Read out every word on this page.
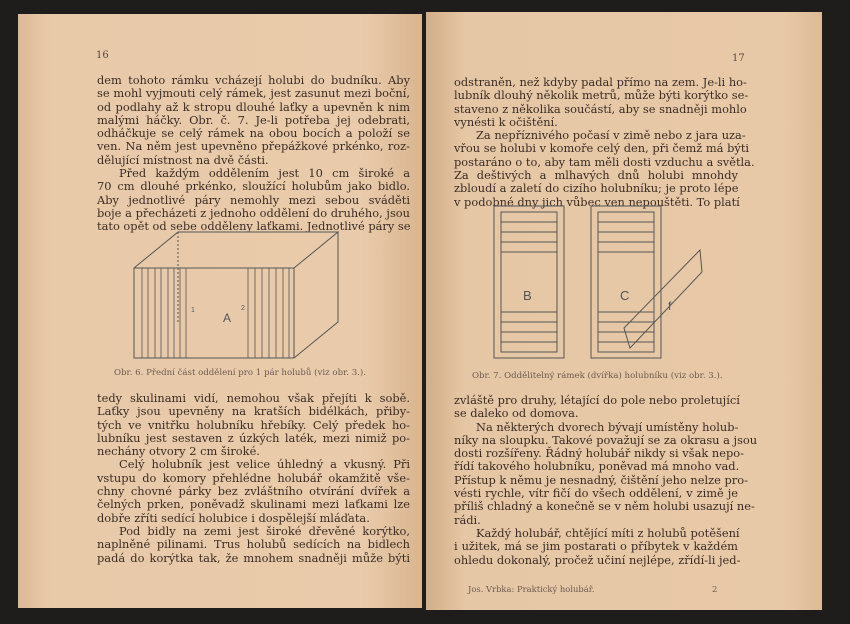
16
dem tohoto rámku vcházejí holubi do budníku. Aby
se mohl vyjmouti celý rámek, jest zasunut mezi boční,
od podlahy až k stropu dlouhé laťky a upevněn k nim
malými háčky. Obr. č. 7. Je-li potřeba jej odebrati,
odháčkuje se celý rámek na obou bocích a položí se
ven. Na něm jest upevněno přepážkové prkénko, roz-
dělující místnost na dvě části.
Před každým oddělením jest 10 cm široké a
70 cm dlouhé prkénko, sloužící holubům jako bidlo.
Aby jednotlivé páry nemohly mezi sebou sváděti
boje a přecházeti z jednoho oddělení do druhého, jsou
tato opět od sebe odděleny laťkami. Jednotlivé páry se
A
1	2
Obr. 6. Přední část oddělení pro 1 pár holubů (viz obr. 3.).
tedy skulinami vidí, nemohou však přejíti k sobě.
Laťky jsou upevněny na kratších bidélkách, přiby-
tých ve vnitřku holubníku hřebíky. Celý předek ho-
lubníku jest sestaven z úzkých laték, mezi nimiž po-
nechány otvory 2 cm široké.
Celý holubník jest velice úhledný a vkusný. Při
vstupu do komory přehlédne holubář okamžitě vše-
chny chovné párky bez zvláštního otvírání dvířek a
čelných prken, poněvadž skulinami mezi laťkami lze
dobře zříti sedící holubice i dospělejší mláďata.
Pod bidly na zemi jest široké dřevěné korýtko,
naplněné pilinami. Trus holubů sedících na bidlech
padá do korýtka tak, že mnohem snadněji může býti
17
odstraněn, než kdyby padal přímo na zem. Je-li ho-
lubník dlouhý několik metrů, může býti korýtko se-
staveno z několika součástí, aby se snadněji mohlo
vynésti k očištění.
Za nepříznivého počasí v zimě nebo z jara uza-
vřou se holubi v komoře celý den, při čemž má býti
postaráno o to, aby tam měli dosti vzduchu a světla.
Za deštivých a mlhavých dnů holubi mnohdy
zbloudí a zaletí do cizího holubníku; je proto lépe
v podobné dny jich vůbec ven nepouštěti. To platí
B	C
f
Obr. 7. Oddělitelný rámek (dvířka) holubníku (viz obr. 3.).
zvláště pro druhy, létající do pole nebo proletující
se daleko od domova.
Na některých dvorech bývají umístěny holub-
níky na sloupku. Takové považují se za okrasu a jsou
dosti rozšířeny. Řádný holubář nikdy si však nepo-
řídí takového holubníku, poněvad má mnoho vad.
Přístup k němu je nesnadný, čištění jeho nelze pro-
vésti rychle, vítr fičí do všech oddělení, v zimě je
příliš chladný a konečně se v něm holubi usazují ne-
rádi.
Každý holubář, chtějící míti z holubů potěšení
i užitek, má se jim postarati o příbytek v každém
ohledu dokonalý, pročež učiní nejlépe, zřídí-li jed-
Jos. Vrbka: Praktický holubář.	2
